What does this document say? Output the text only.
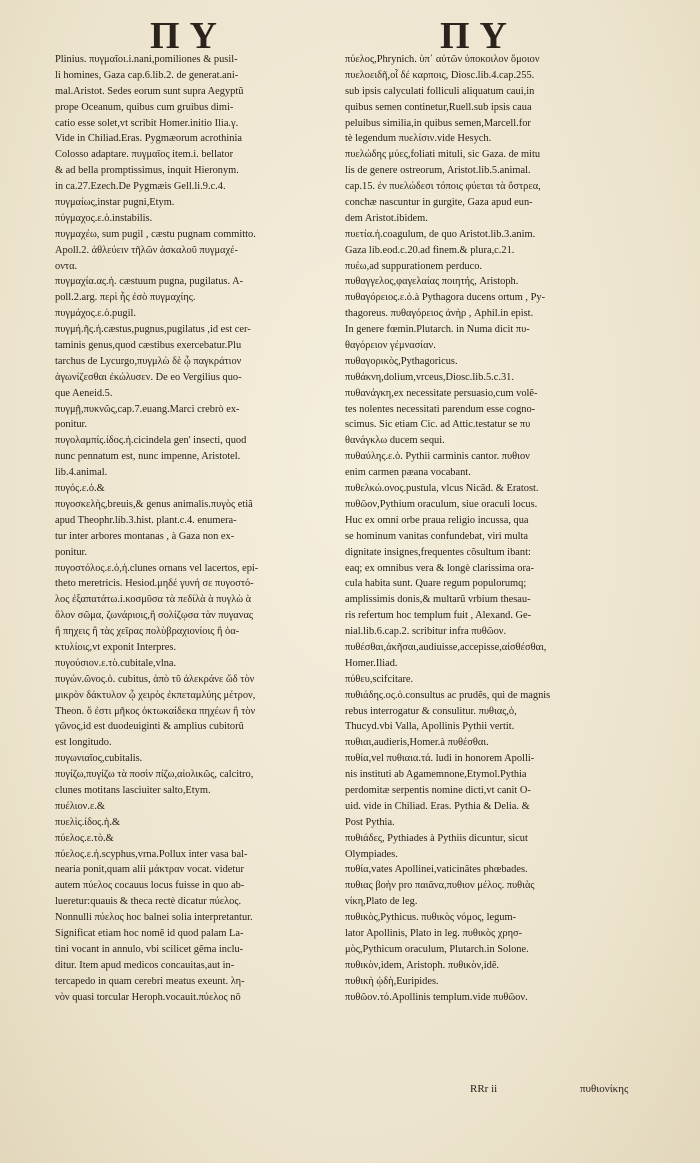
ΠΥ	ΠΥ
Plinius. πυγμαῖοι.i.nani,pomiliones & pusil-
li homines, Gaza cap.6.lib.2. de generat.ani-
mal.Aristot. Sedes eorum sunt supra Aegyptũ
prope Oceanum, quibus cum gruibus dimi-
catio esse solet,vt scribit Homer.initio Ilia.γ.
Vide in Chiliad.Eras. Pygmæorum acrothinia
Colosso adaptare. πυγμαῖος item.i. bellator
& ad bella promptissimus, inquit Hieronym.
in ca.27.Ezech.De Pygmæis Gell.li.9.c.4.
πυγμαίως,instar pugni,Etym.
πύγμαχος.ε.ὁ.instabilis.
πυγμαχέω, sum pugil , cæstu pugnam committo.
Apoll.2. ἀθλεύειν τῆλῶν ἀσκαλοῦ πυγμαχέ-
οντα.
πυγμαχία.ας.ἡ. cæstuum pugna, pugilatus. A-
poll.2.arg. περὶ ἦς ἐσὸ πυγμαχίης.
πυγμάχος.ε.ὁ.pugil.
πυγμή.ῆς.ἡ.cæstus,pugnus,pugilatus ,id est cer-
taminis genus,quod cæstibus exercebatur.Plu
tarchus de Lycurgo,πυγμλὼ δὲ ᾧ παγκράτιον
ἀγωνίζεσθαι ἐκώλυσεν. De eo Vergilius quo-
que Aeneid.5.
πυγμῇ,πυκνῶς,cap.7.euang.Marci crebrò ex-
ponitur.
πυγολαμπίς.ίδος.ἡ.cicindela gen' insecti, quod
nunc pennatum est, nunc impenne, Aristotel.
lib.4.animal.
πυγός.ε.ὁ.&
πυγοσκελὴς,breuis,& genus animalis.πυγὸς etiã
apud Theophr.lib.3.hist. plant.c.4. enumera-
tur inter arbores montanas , à Gaza non ex-
ponitur.
πυγοστόλος.ε.ὁ,ἡ.clunes ornans vel lacertos, epi-
theto meretricis. Hesiod.μηδέ γυνή σε πυγοστό-
λος ἐξαπατάτω.i.κοσμῦσα τὰ πεδίλὰ ὰ πυγλὼ ὰ
ὄλον σῶμα, ζωνάριοις,ἢ σολίζῳσα τὰν πυγανας
ἢ πηχεις ἢ τὰς χεῖρας πολὺβραχιονίοις ἢ ὁα-
κτυλίοις,vt exponit Interpres.
πυγούσιον.ε.τὸ.cubitale,vlna.
πυγών.ῶνος.ὁ. cubitus, ἀπὸ τῦ ἀλεκράνε ὥδ τὸν
μικρὸν δάκτυλον ᾧ χειρὸς ἐκπεταμλύης μέτρον,
Theon. ὅ ἐστι μῆκος ὀκτωκαίδεκα πηχέων ἢ τὸν
γῶνος,id est duodeuiginti & amplius cubitorũ
est longitudo.
πυγωνιαῖος,cubitalis.
πυγίζω,πυγίζω τὰ ποσὶν πίζω,αἰολικῶς, calcitro,
clunes motitans lasciuiter salto,Etym.
πυέλιον.ε.&
πυελὶς.ίδος.ἡ.&
πύελος.ε.τὸ.&
πύελος.ε.ἡ.scyphus,vrna.Pollux inter vasa bal-
nearia ponit,quam alii μάκτραν vocat. videtur
autem πύελος cocauus locus fuisse in quo ab-
lueretur:quauis & theca rectè dicatur πύελος.
Nonnulli πύελος hoc balnei solia interpretantur.
Significat etiam hoc nomẽ id quod palam La-
tini vocant in annulo, vbi scilicet gẽma inclu-
ditur. Item apud medicos concauitas,aut in-
tercapedo in quam cerebri meatus exeunt. λη-
νὸν quasi torcular Heroph.vocauit.πύελος nõ
πύελος,Phrynich. ὑπ᾽ αὐτῶν ὑποκοιλον ὅμοιον
πυελοειδῆ,οἷ δέ καρποις, Diosc.lib.4.cap.255.
sub ipsis calyculati folliculi aliquatum caui,in
quibus semen continetur,Ruell.sub ipsis caua
peluibus similia,in quibus semen,Marcell.for
tè legendum πυελίσιν.vide Hesych.
πυελώδης μύες,foliati mituli, sic Gaza. de mitu
lis de genere ostreorum, Aristot.lib.5.animal.
cap.15. ἐν πυελώδεσι τόποις φύεται τὰ ὄστρεα,
conchæ nascuntur in gurgite, Gaza apud eun-
dem Aristot.ibidem.
πυετία.ἡ.coagulum, de quo Aristot.lib.3.anim.
Gaza lib.eod.c.20.ad finem.& plura,c.21.
πυέω,ad suppurationem perduco.
πυθαγγελος,φαγελαίας ποιητής, Aristoph.
πυθαγόρειος.ε.ὁ.à Pythagora ducens ortum , Py-
thagoreus. πυθαγόρειος ἀνὴρ , Aphil.in epist.
In genere fœmin.Plutarch. in Numa dicit πυ-
θαγόρειον γέμνασίαν.
πυθαγορικὸς,Pythagoricus.
πυθάκνη,dolium,vrceus,Diosc.lib.5.c.31.
πυθανάγκη,ex necessitate persuasio,cum volẽ-
tes nolentes necessitati parendum esse cogno-
scimus. Sic etiam Cic. ad Attic.testatur se πυ
θανάγκλω ducem sequi.
πυθαύλης.ε.ὁ. Pythii carminis cantor. πυθιον
enim carmen pæana vocabant.
πυθελκώ.ονος.pustula, vlcus Nicãd. & Eratost.
πυθῶον,Pythium oraculum, siue oraculi locus.
Huc ex omni orbe praua religio incussa, qua
se hominum vanitas confundebat, viri multa
dignitate insignes,frequentes cõsultum ibant:
eaq; ex omnibus vera & longè clarissima ora-
cula habita sunt. Quare regum populorumq;
amplissimis donis,& multarũ vrbium thesau-
ris refertum hoc templum fuit , Alexand. Ge-
nial.lib.6.cap.2. scribitur infra πυθῶον.
πυθέσθαι,ἀκῆσαι,audiuisse,accepisse,αἰσθέσθαι,
Homer.Iliad.
πύθευ,scifcitare.
πυθιάδης.ος.ὁ.consultus ac prudẽs, qui de magnis
rebus interrogatur & consulitur. πυθιας,ὁ,
Thucyd.vbi Valla, Apollinis Pythii vertit.
πυθιαι,audieris,Homer.à πυθέσθαι.
πυθία,vel πυθιαια.τά. ludi in honorem Apolli-
nis instituti ab Agamemnone,Etymol.Pythia
perdomitæ serpentis nomine dicti,vt canit O-
uid. vide in Chiliad. Eras. Pythia & Delia. &
Post Pythia.
πυθιάδες, Pythiades à Pythiis dicuntur, sicut
Olympiades.
πυθία,vates Apollinei,vaticinãtes phœbades.
πυθιας βοὴν pro παιᾶνα,πυθιον μέλος. πυθιὰς
νίκη,Plato de leg.
πυθικὸς,Pythicus. πυθικὸς νόμος, legum-
lator Apollinis, Plato in leg. πυθικὸς χρησ-
μὸς,Pythicum oraculum, Plutarch.in Solone.
πυθικὸν,idem, Aristoph. πυθικὸν,idẽ.
πυθικὴ ᾠδὴ,Euripides.
πυθῶον.τό.Apollinis templum.vide πυθῶον.
RRr ii	πυθιονίκης
